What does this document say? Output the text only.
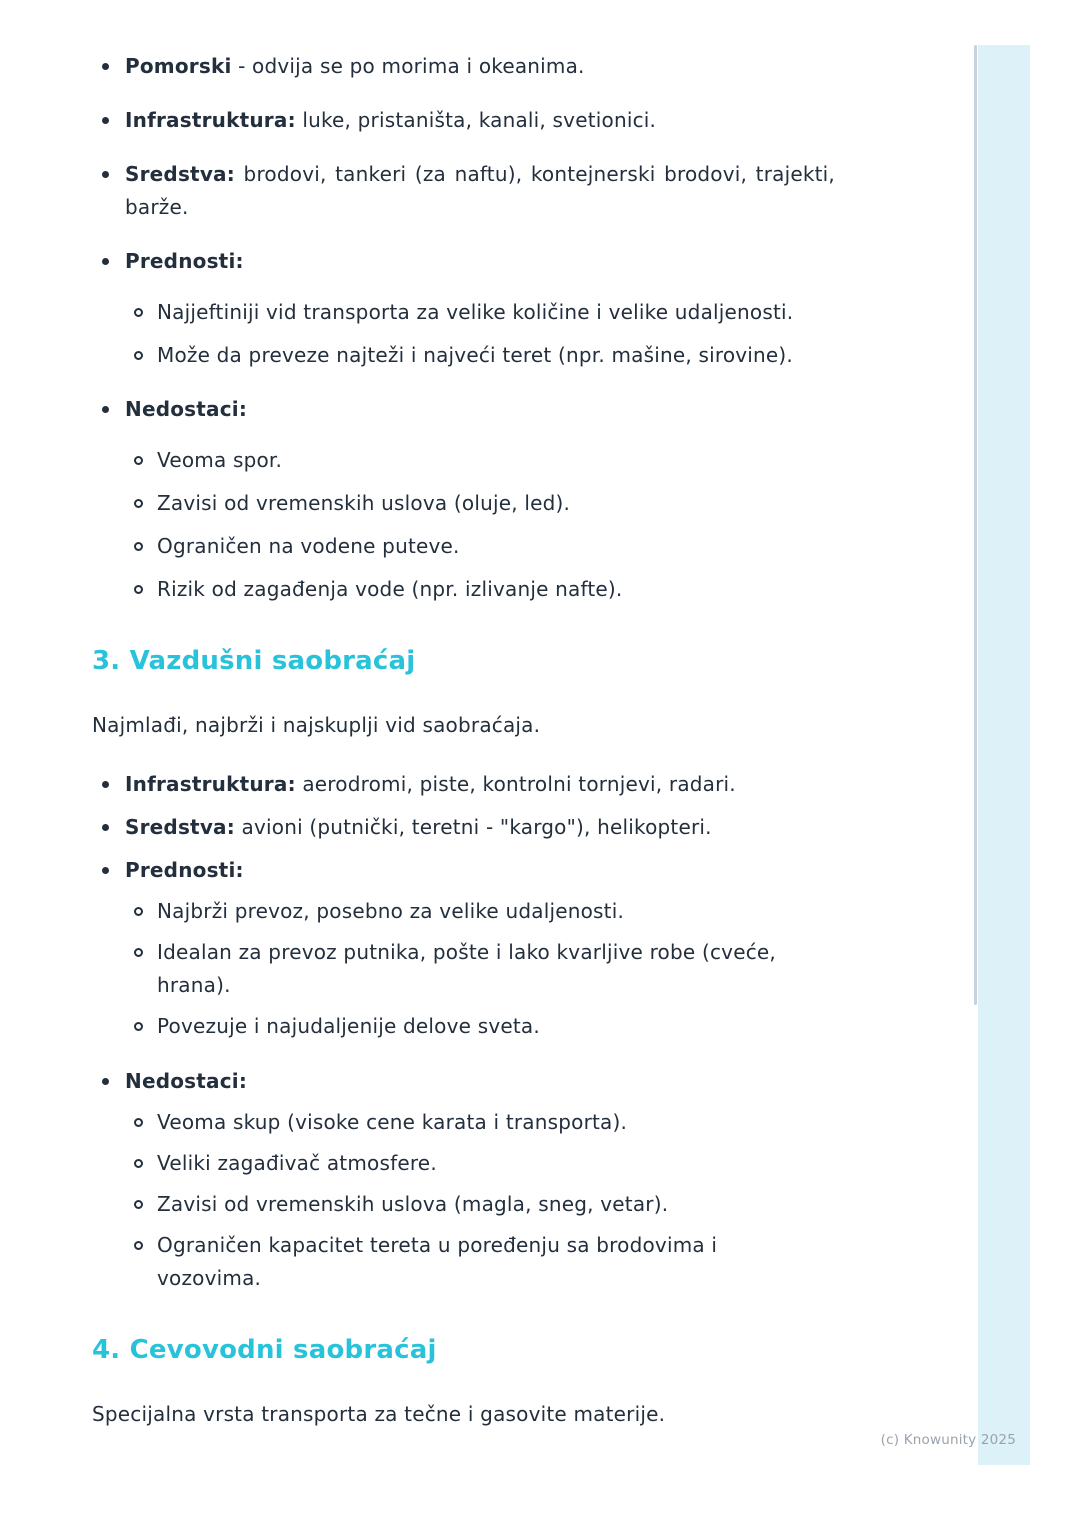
Pomorski - odvija se po morima i okeanima.
Infrastruktura: luke, pristaništa, kanali, svetionici.
Sredstva: brodovi, tankeri (za naftu), kontejnerski brodovi, trajekti, barže.
Prednosti:
Najjeftiniji vid transporta za velike količine i velike udaljenosti.
Može da preveze najteži i najveći teret (npr. mašine, sirovine).
Nedostaci:
Veoma spor.
Zavisi od vremenskih uslova (oluje, led).
Ograničen na vodene puteve.
Rizik od zagađenja vode (npr. izlivanje nafte).
3. Vazdušni saobraćaj

Najmlađi, najbrži i najskuplji vid saobraćaja.

Infrastruktura: aerodromi, piste, kontrolni tornjevi, radari.
Sredstva: avioni (putnički, teretni - "kargo"), helikopteri.
Prednosti:
Najbrži prevoz, posebno za velike udaljenosti.
Idealan za prevoz putnika, pošte i lako kvarljive robe (cveće, hrana).
Povezuje i najudaljenije delove sveta.
Nedostaci:
Veoma skup (visoke cene karata i transporta).
Veliki zagađivač atmosfere.
Zavisi od vremenskih uslova (magla, sneg, vetar).
Ograničen kapacitet tereta u poređenju sa brodovima i vozovima.
4. Cevovodni saobraćaj

Specijalna vrsta transporta za tečne i gasovite materije.

(c) Knowunity 2025
